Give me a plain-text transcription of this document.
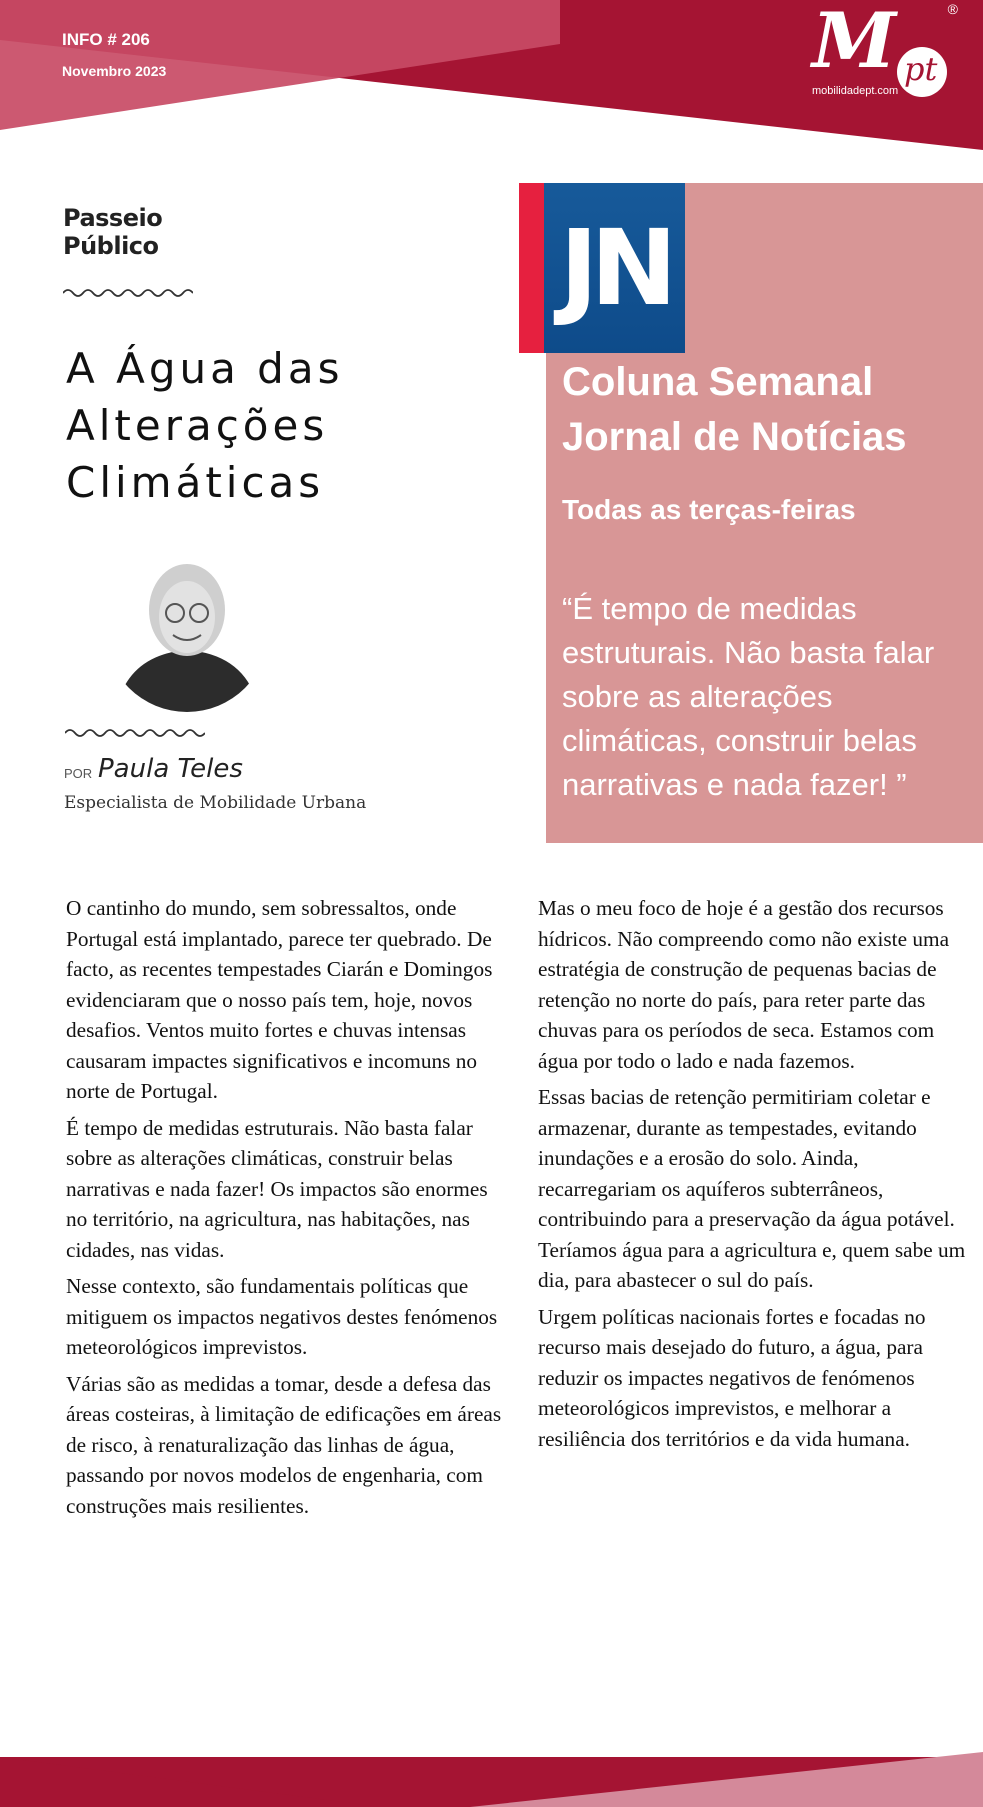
INFO # 206
Novembro 2023	M pt
®
mobilidadept.com
Passeio
Público
A Água das
Alterações
Climáticas
POR Paula Teles
Especialista de Mobilidade Urbana
JN
Coluna Semanal Jornal de Notícias
Todas as terças-feiras
“É tempo de medidas estruturais. Não basta falar sobre as alterações climáticas, construir belas narrativas e nada fazer! ”

O cantinho do mundo, sem sobressaltos, onde Portugal está implantado, parece ter quebrado. De facto, as recentes tempestades Ciarán e Domingos evidenciaram que o nosso país tem, hoje, novos desafios. Ventos muito fortes e chuvas intensas causaram impactes significativos e incomuns no norte de Portugal.

É tempo de medidas estruturais. Não basta falar sobre as alterações climáticas, construir belas narrativas e nada fazer! Os impactos são enormes no território, na agricultura, nas habitações, nas cidades, nas vidas.

Nesse contexto, são fundamentais políticas que mitiguem os impactos negativos destes fenómenos meteorológicos imprevistos.

Várias são as medidas a tomar, desde a defesa das áreas costeiras, à limitação de edificações em áreas de risco, à renaturalização das linhas de água, passando por novos modelos de engenharia, com construções mais resilientes.

Mas o meu foco de hoje é a gestão dos recursos hídricos. Não compreendo como não existe uma estratégia de construção de pequenas bacias de retenção no norte do país, para reter parte das chuvas para os períodos de seca. Estamos com água por todo o lado e nada fazemos.

Essas bacias de retenção permitiriam coletar e armazenar, durante as tempestades, evitando inundações e a erosão do solo. Ainda, recarregariam os aquíferos subterrâneos, contribuindo para a preservação da água potável. Teríamos água para a agricultura e, quem sabe um dia, para abastecer o sul do país.

Urgem políticas nacionais fortes e focadas no recurso mais desejado do futuro, a água, para reduzir os impactes negativos de fenómenos meteorológicos imprevistos, e melhorar a resiliência dos territórios e da vida humana.
